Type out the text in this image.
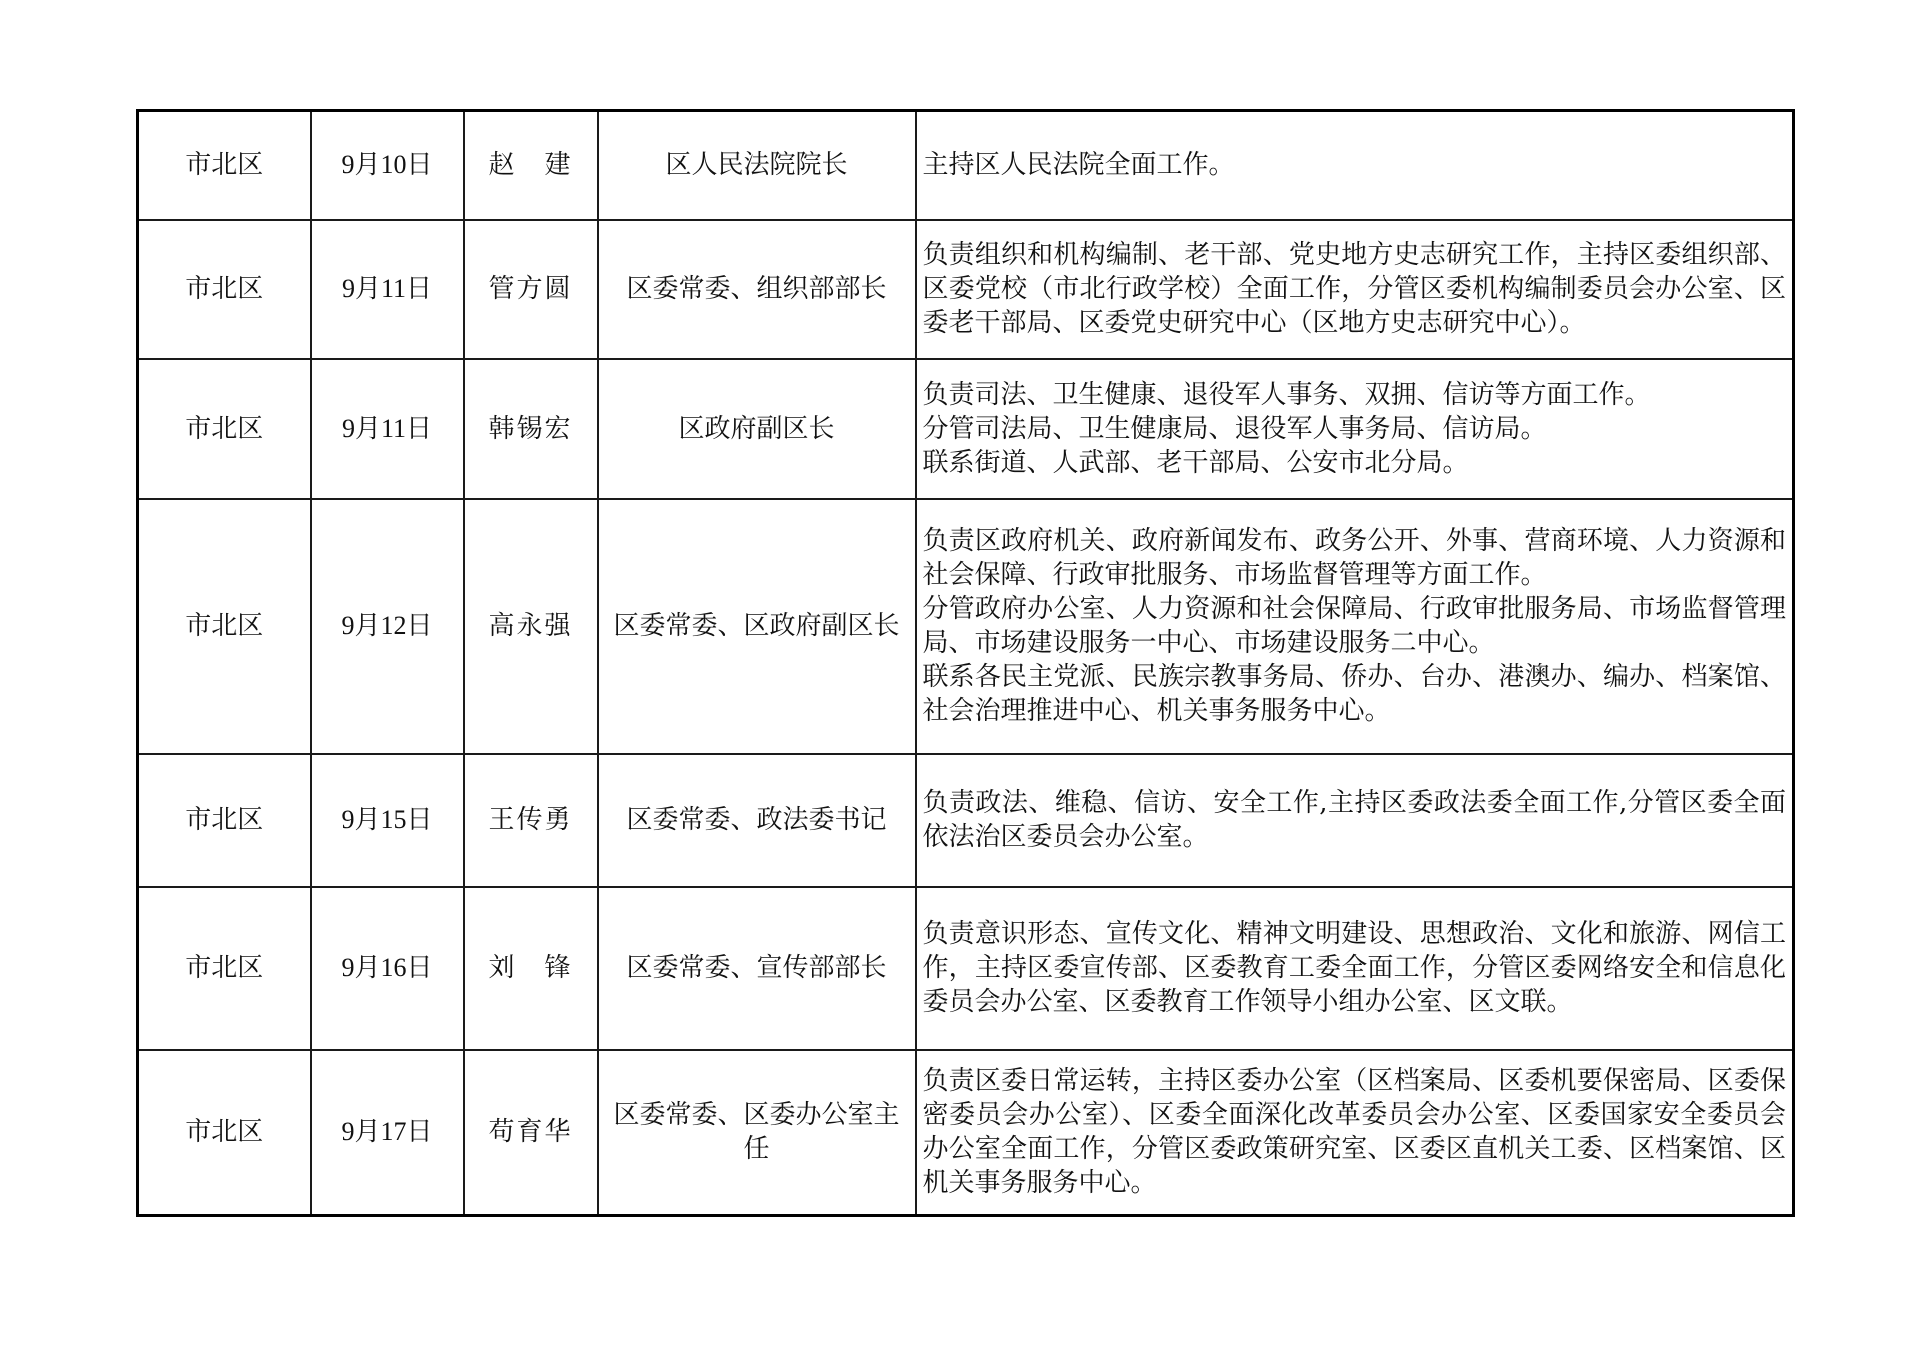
市北区	9月10日	赵　建	区人民法院院长	主持区人民法院全面工作。

市北区	9月11日	管方圆	区委常委、组织部部长	负责组织和机构编制、老干部、党史地方史志研究工作，主持区委组织部、区委党校（市北行政学校）全面工作，分管区委机构编制委员会办公室、区委老干部局、区委党史研究中心（区地方史志研究中心）。

市北区	9月11日	韩锡宏	区政府副区长	负责司法、卫生健康、退役军人事务、双拥、信访等方面工作。
分管司法局、卫生健康局、退役军人事务局、信访局。
联系街道、人武部、老干部局、公安市北分局。

市北区	9月12日	高永强	区委常委、区政府副区长	负责区政府机关、政府新闻发布、政务公开、外事、营商环境、人力资源和社会保障、行政审批服务、市场监督管理等方面工作。
分管政府办公室、人力资源和社会保障局、行政审批服务局、市场监督管理局、市场建设服务一中心、市场建设服务二中心。
联系各民主党派、民族宗教事务局、侨办、台办、港澳办、编办、档案馆、社会治理推进中心、机关事务服务中心。

市北区	9月15日	王传勇	区委常委、政法委书记	负责政法、维稳、信访、安全工作,主持区委政法委全面工作,分管区委全面依法治区委员会办公室。

市北区	9月16日	刘　锋	区委常委、宣传部部长	负责意识形态、宣传文化、精神文明建设、思想政治、文化和旅游、网信工作，主持区委宣传部、区委教育工委全面工作，分管区委网络安全和信息化委员会办公室、区委教育工作领导小组办公室、区文联。

市北区	9月17日	苟育华	区委常委、区委办公室主任	负责区委日常运转，主持区委办公室（区档案局、区委机要保密局、区委保密委员会办公室）、区委全面深化改革委员会办公室、区委国家安全委员会办公室全面工作，分管区委政策研究室、区委区直机关工委、区档案馆、区机关事务服务中心。
